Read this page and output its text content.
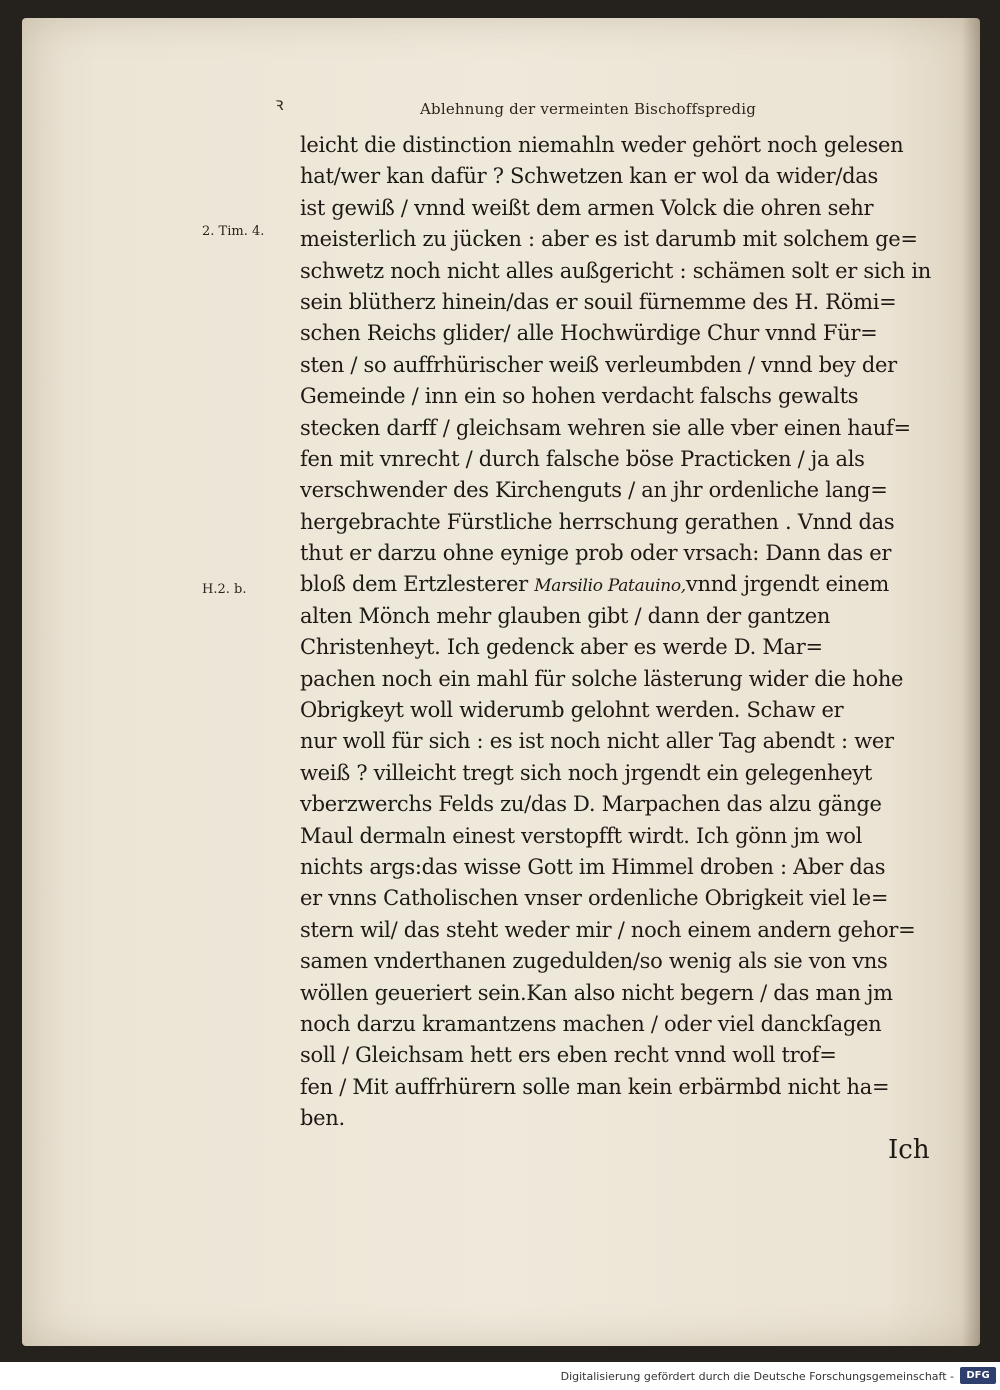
ꝛ	Ablehnung der vermeinten Bischoffspredig
2. Tim. 4.
H.2. b.
leicht die distinction niemahln weder gehört noch gelesen
hat/wer kan dafür ? Schwetzen kan er wol da wider/das
ist gewiß / vnnd weißt dem armen Volck die ohren sehr
meisterlich zu jücken : aber es ist darumb mit solchem ge=
schwetz noch nicht alles außgericht : schämen solt er sich in
sein blütherz hinein/das er souil fürnemme des H. Römi=
schen Reichs glider/ alle Hochwürdige Chur vnnd Für=
sten / so auffrhürischer weiß verleumbden / vnnd bey der
Gemeinde / inn ein so hohen verdacht falschs gewalts
stecken darff / gleichsam wehren sie alle vber einen hauf=
fen mit vnrecht / durch falsche böse Practicken / ja als
verschwender des Kirchenguts / an jhr ordenliche lang=
hergebrachte Fürstliche herrschung gerathen . Vnnd das
thut er darzu ohne eynige prob oder vrsach: Dann das er
bloß dem Ertzlesterer Marsilio Patauino,vnnd jrgendt einem
alten Mönch mehr glauben gibt / dann der gantzen
Christenheyt. Ich gedenck aber es werde D. Mar=
pachen noch ein mahl für solche lästerung wider die hohe
Obrigkeyt woll widerumb gelohnt werden. Schaw er
nur woll für sich : es ist noch nicht aller Tag abendt : wer
weiß ? villeicht tregt sich noch jrgendt ein gelegenheyt
vberzwerchs Felds zu/das D. Marpachen das alzu gänge
Maul dermaln einest verstopfft wirdt. Ich gönn jm wol
nichts args:das wisse Gott im Himmel droben : Aber das
er vnns Catholischen vnser ordenliche Obrigkeit viel le=
stern wil/ das steht weder mir / noch einem andern gehor=
samen vnderthanen zugedulden/so wenig als sie von vns
wöllen geueriert sein.Kan also nicht begern / das man jm
noch darzu kramantzens machen / oder viel danckſagen
soll / Gleichsam hett ers eben recht vnnd woll trof=
fen / Mit auffrhürern solle man kein erbärmbd nicht ha=
ben.
Ich
Digitalisierung gefördert durch die Deutsche Forschungsgemeinschaft -	DFG
